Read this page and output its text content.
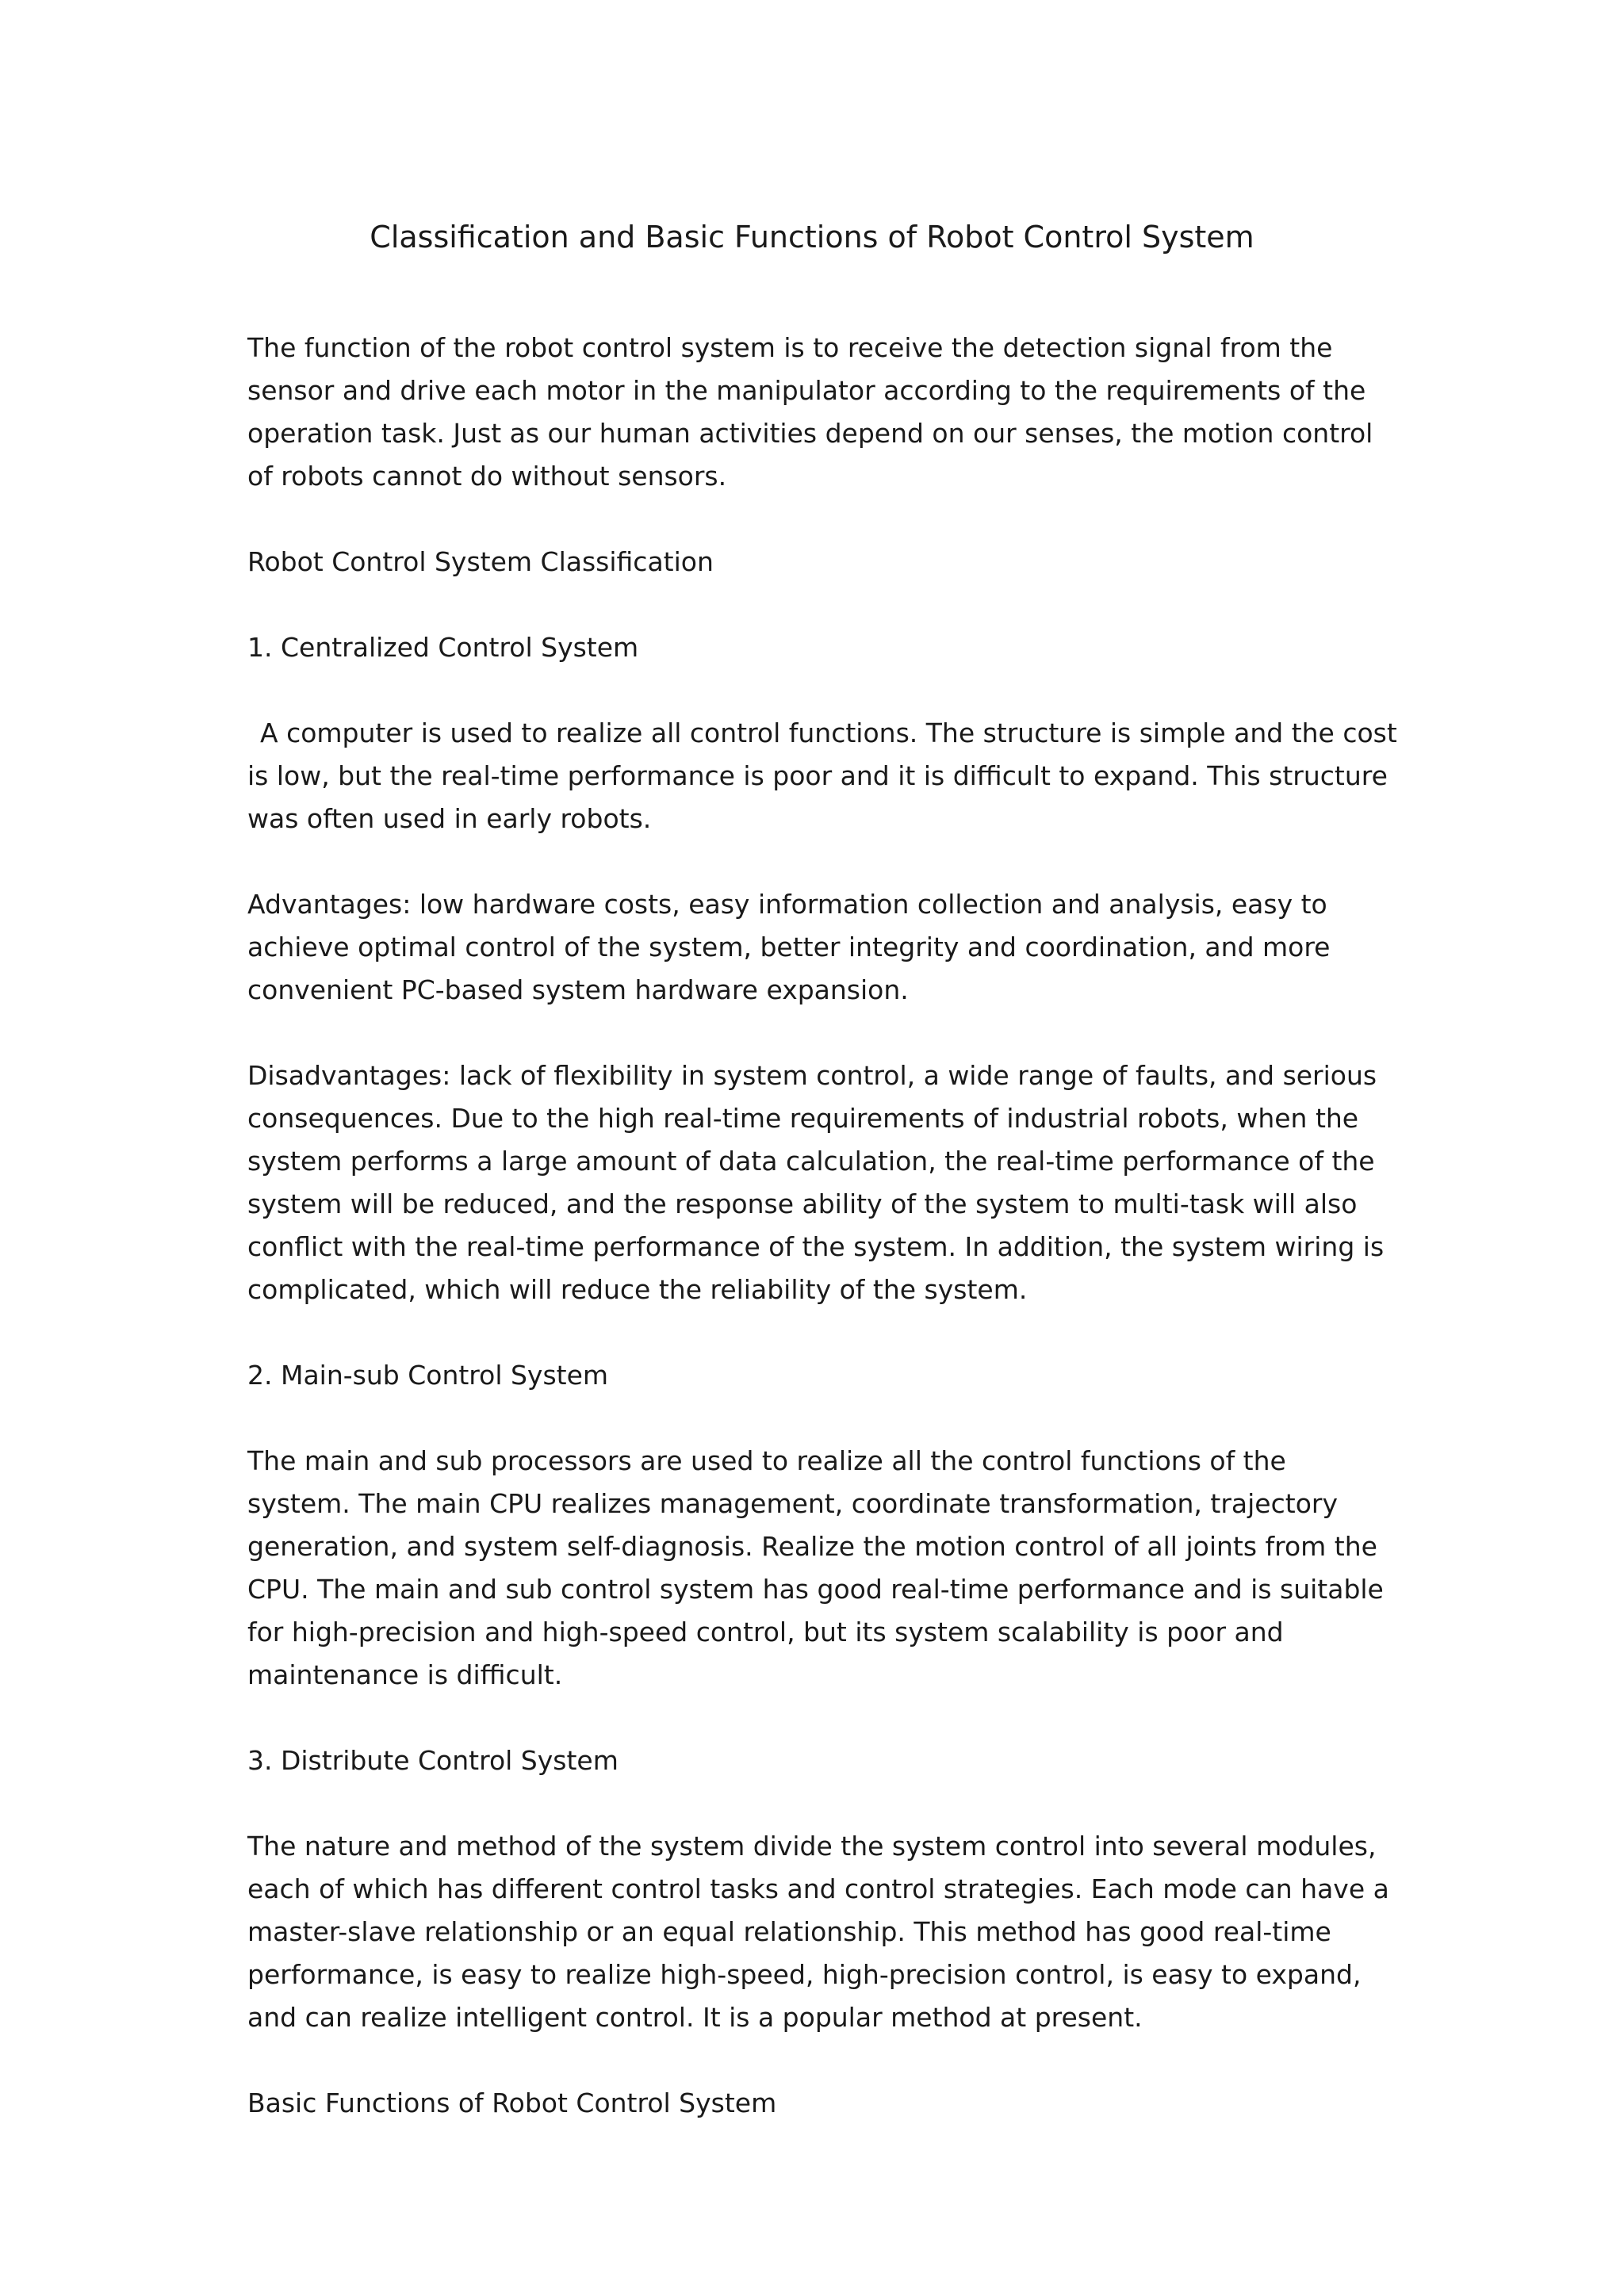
Classification and Basic Functions of Robot Control System

The function of the robot control system is to receive the detection signal from the sensor and drive each motor in the manipulator according to the requirements of the operation task. Just as our human activities depend on our senses, the motion control of robots cannot do without sensors.

Robot Control System Classification

1. Centralized Control System

A computer is used to realize all control functions. The structure is simple and the cost is low, but the real-time performance is poor and it is difficult to expand. This structure was often used in early robots.

Advantages: low hardware costs, easy information collection and analysis, easy to achieve optimal control of the system, better integrity and coordination, and more convenient PC-based system hardware expansion.

Disadvantages: lack of flexibility in system control, a wide range of faults, and serious consequences. Due to the high real-time requirements of industrial robots, when the system performs a large amount of data calculation, the real-time performance of the system will be reduced, and the response ability of the system to multi-task will also conflict with the real-time performance of the system. In addition, the system wiring is complicated, which will reduce the reliability of the system.

2. Main-sub Control System

The main and sub processors are used to realize all the control functions of the system. The main CPU realizes management, coordinate transformation, trajectory generation, and system self-diagnosis. Realize the motion control of all joints from the CPU. The main and sub control system has good real-time performance and is suitable for high-precision and high-speed control, but its system scalability is poor and maintenance is difficult.

3. Distribute Control System

The nature and method of the system divide the system control into several modules, each of which has different control tasks and control strategies. Each mode can have a master-slave relationship or an equal relationship. This method has good real-time performance, is easy to realize high-speed, high-precision control, is easy to expand, and can realize intelligent control. It is a popular method at present.

Basic Functions of Robot Control System
